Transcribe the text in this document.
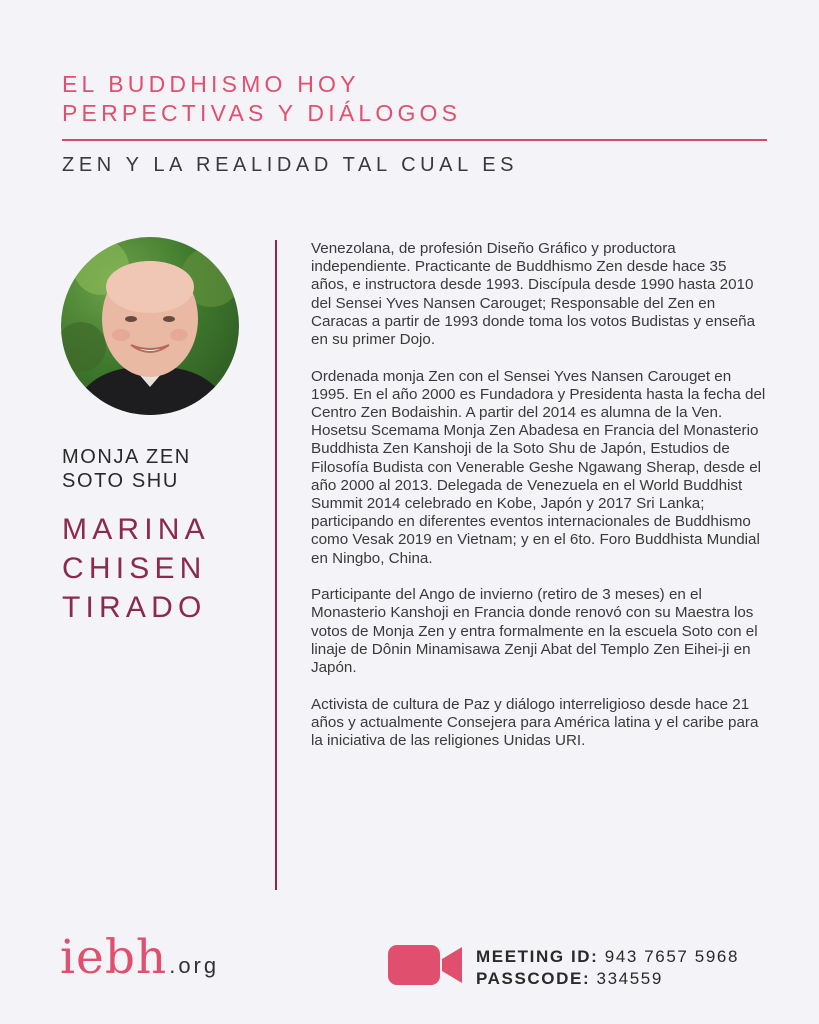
EL BUDDHISMO HOY
PERPECTIVAS Y DIÁLOGOS
ZEN Y LA REALIDAD TAL CUAL ES
MONJA ZEN
SOTO SHU
MARINA
CHISEN
TIRADO

Venezolana, de profesión Diseño Gráfico y productora independiente. Practicante de Buddhismo Zen desde hace 35 años, e instructora desde 1993. Discípula desde 1990 hasta 2010 del Sensei Yves Nansen Carouget; Responsable del Zen en Caracas a partir de 1993 donde toma los votos Budistas y enseña en su primer Dojo.

Ordenada monja Zen con el Sensei Yves Nansen Carouget en 1995. En el año 2000 es Fundadora y Presidenta hasta la fecha del Centro Zen Bodaishin. A partir del 2014 es alumna de la Ven. Hosetsu Scemama Monja Zen Abadesa en Francia del Monasterio Buddhista Zen Kanshoji de la Soto Shu de Japón, Estudios de Filosofía Budista con Venerable Geshe Ngawang Sherap, desde el año 2000 al 2013. Delegada de Venezuela en el World Buddhist Summit 2014 celebrado en Kobe, Japón y 2017 Sri Lanka; participando en diferentes eventos internacionales de Buddhismo como Vesak 2019 en Vietnam; y en el 6to. Foro Buddhista Mundial en Ningbo, China.

Participante del Ango de invierno (retiro de 3 meses) en el Monasterio Kanshoji en Francia donde renovó con su Maestra los votos de Monja Zen y entra formalmente en la escuela Soto con el linaje de Dônin Minamisawa Zenji Abat del Templo Zen Eihei-ji en Japón.

Activista de cultura de Paz y diálogo interreligioso desde hace 21 años y actualmente Consejera para América latina y el caribe para la iniciativa de las religiones Unidas URI.

iebh.org	MEETING ID: 943 7657 5968
PASSCODE: 334559
